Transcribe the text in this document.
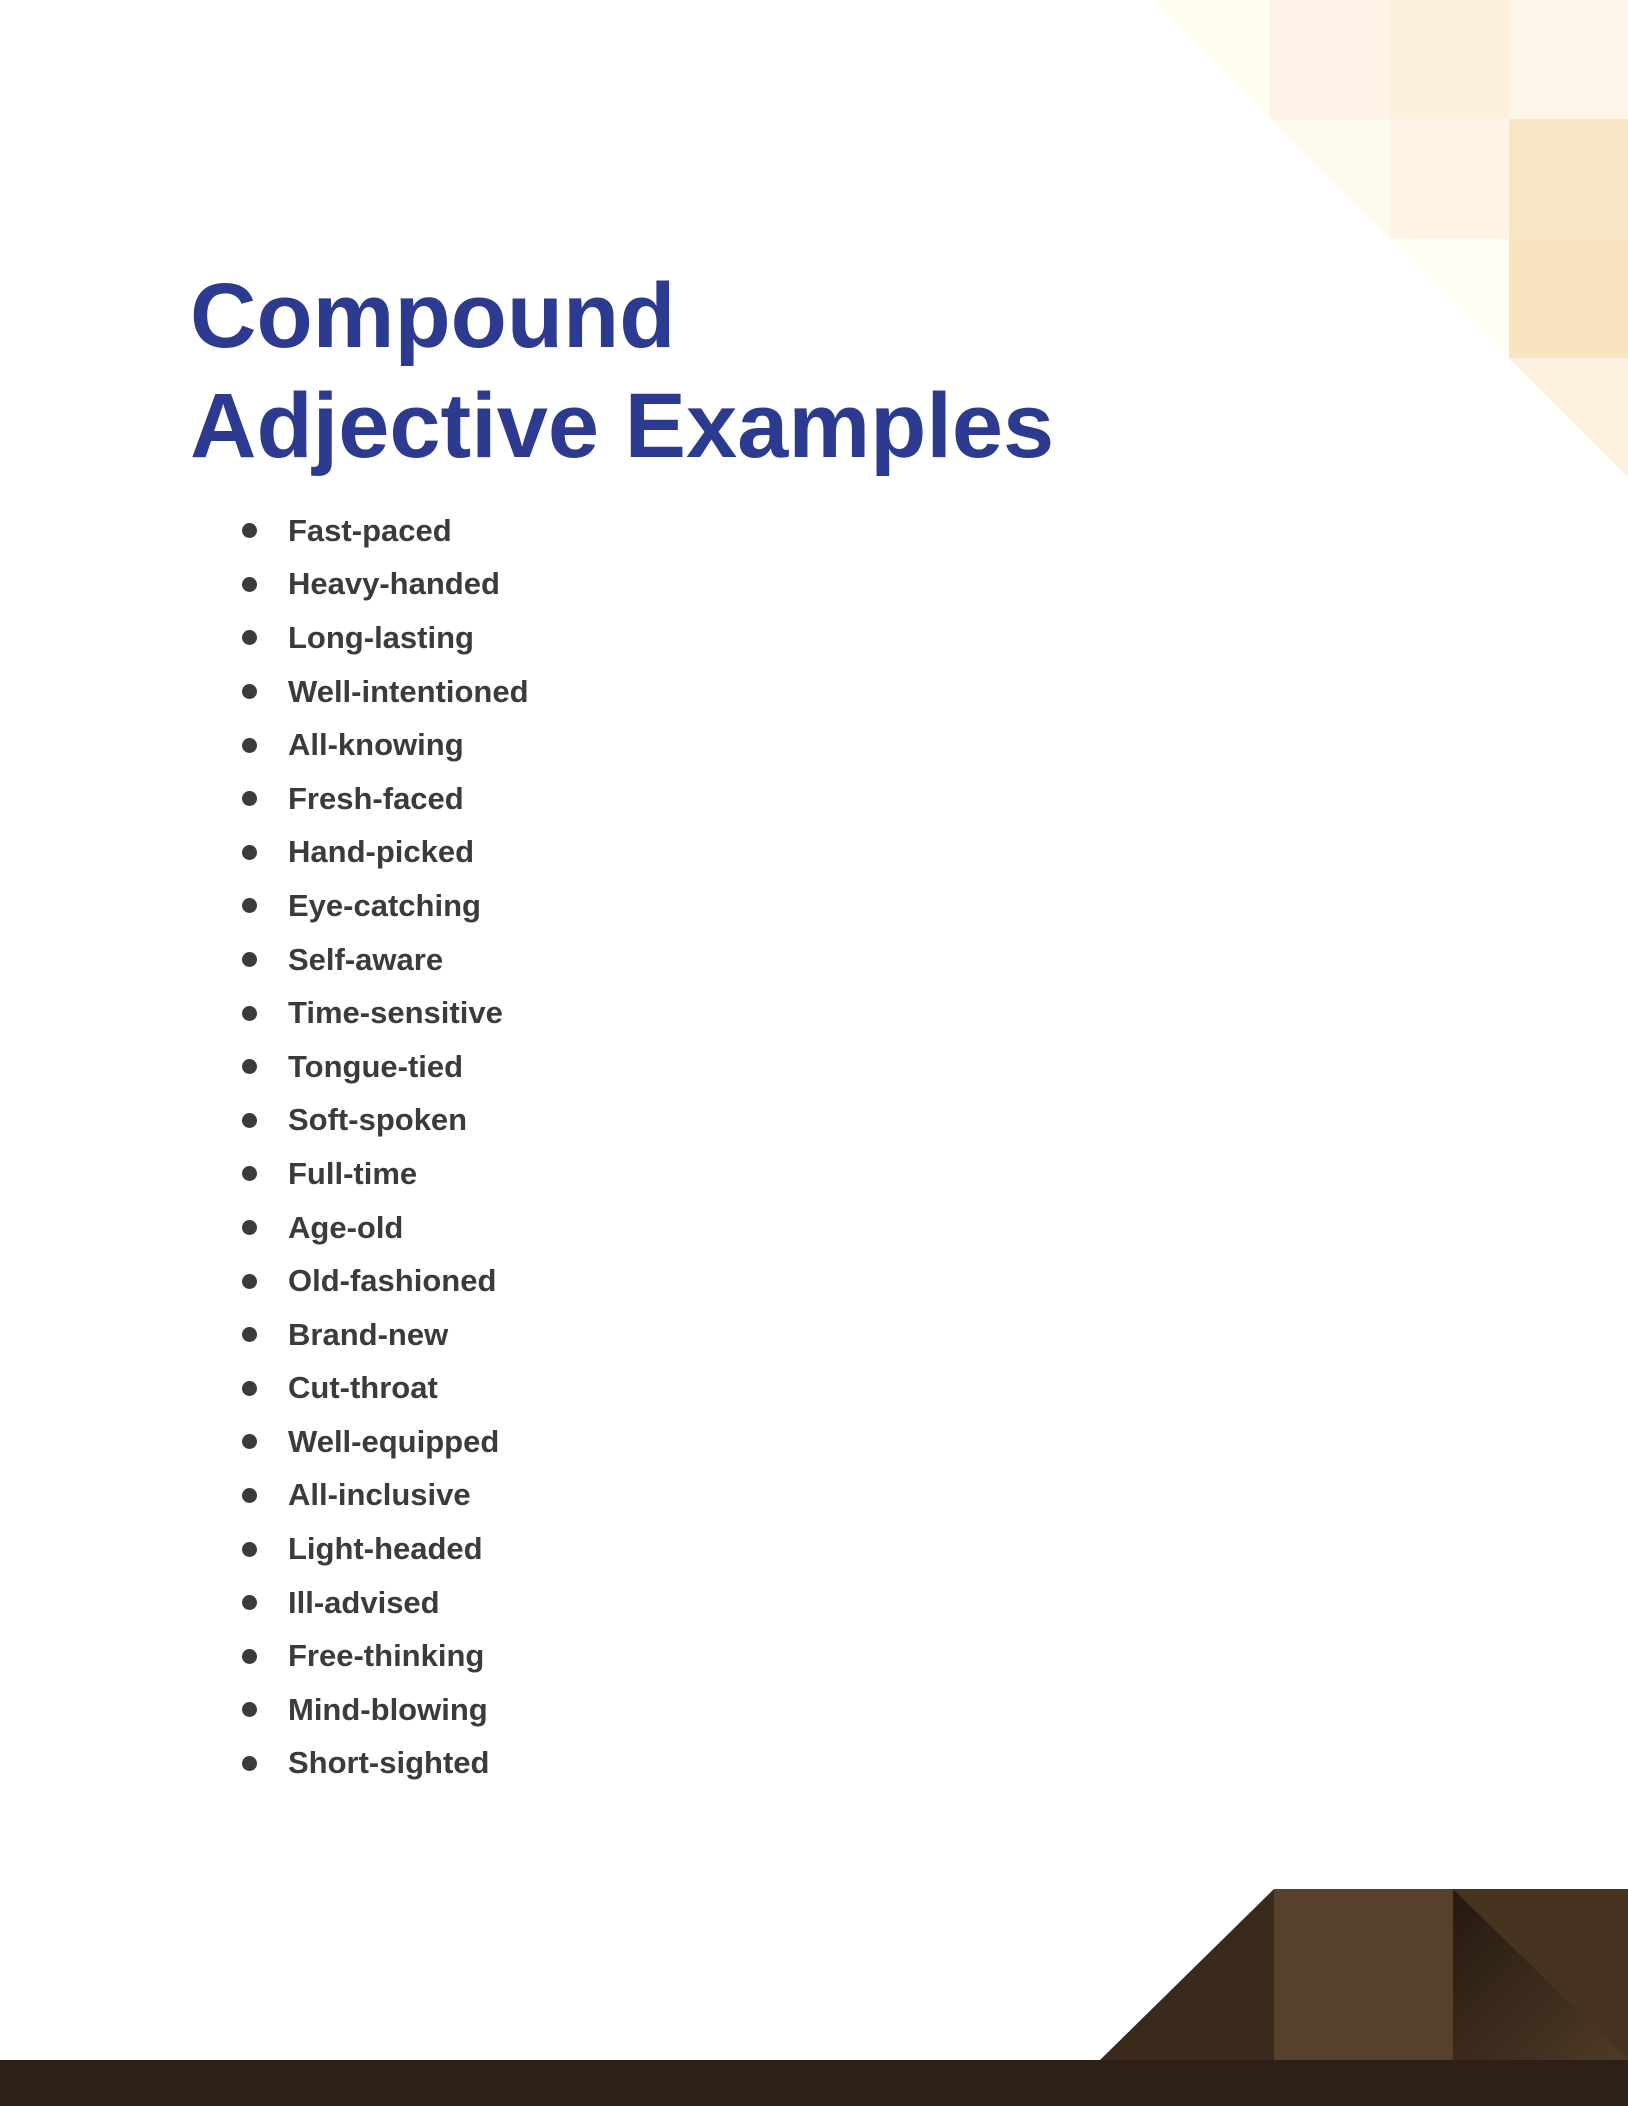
Compound
Adjective Examples
Fast-paced
Heavy-handed
Long-lasting
Well-intentioned
All-knowing
Fresh-faced
Hand-picked
Eye-catching
Self-aware
Time-sensitive
Tongue-tied
Soft-spoken
Full-time
Age-old
Old-fashioned
Brand-new
Cut-throat
Well-equipped
All-inclusive
Light-headed
Ill-advised
Free-thinking
Mind-blowing
Short-sighted
